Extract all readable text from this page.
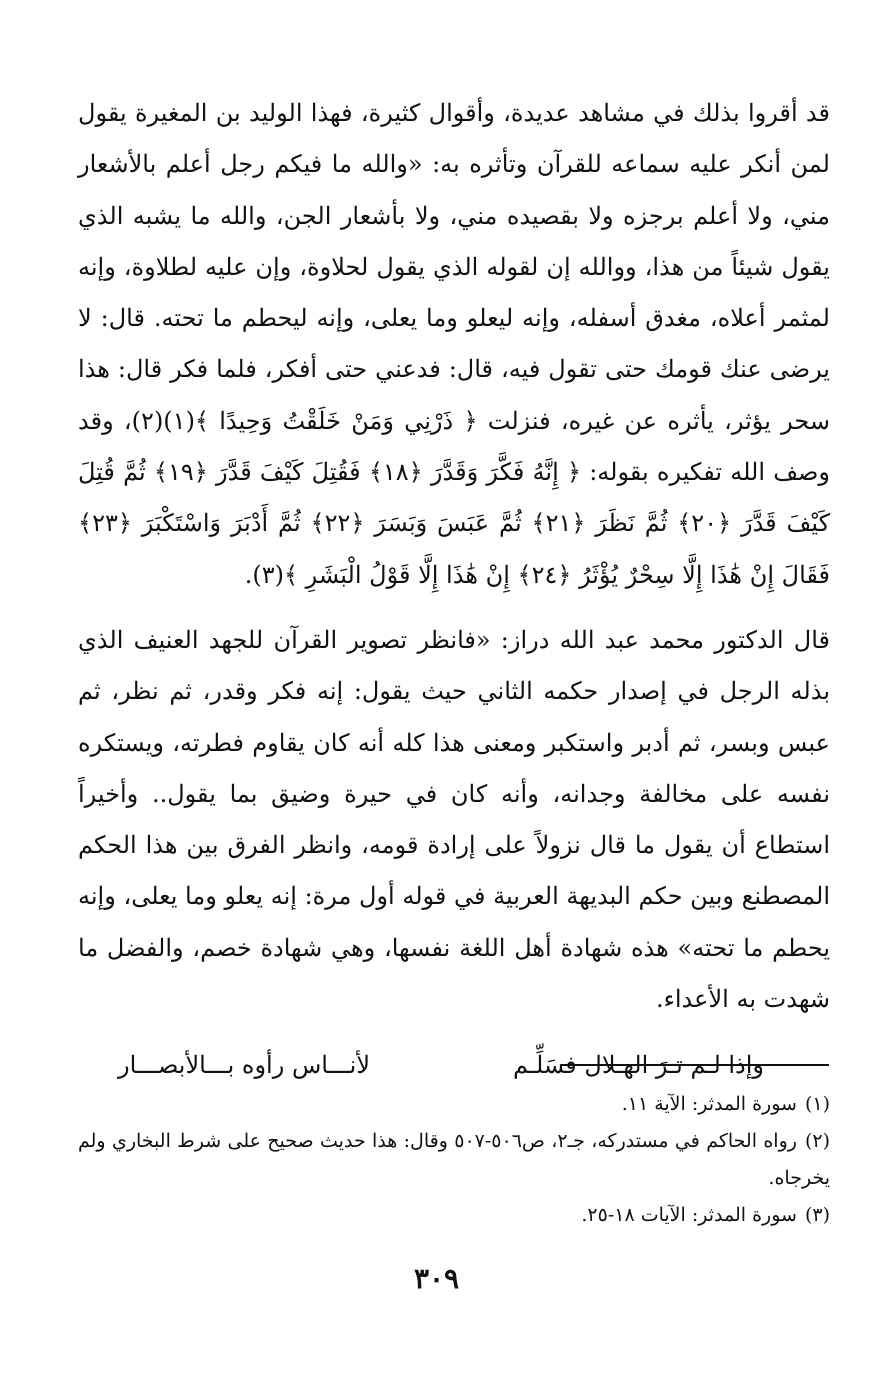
قد أقروا بذلك في مشاهد عديدة، وأقوال كثيرة، فهذا الوليد بن المغيرة يقول لمن أنكر عليه سماعه للقرآن وتأثره به: «والله ما فيكم رجل أعلم بالأشعار مني، ولا أعلم برجزه ولا بقصيده مني، ولا بأشعار الجن، والله ما يشبه الذي يقول شيئاً من هذا، ووالله إن لقوله الذي يقول لحلاوة، وإن عليه لطلاوة، وإنه لمثمر أعلاه، مغدق أسفله، وإنه ليعلو وما يعلى، وإنه ليحطم ما تحته. قال: لا يرضى عنك قومك حتى تقول فيه، قال: فدعني حتى أفكر، فلما فكر قال: هذا سحر يؤثر، يأثره عن غيره، فنزلت ﴿ ذَرْنِي وَمَنْ خَلَقْتُ وَحِيدًا ﴾(١)(٢)، وقد وصف الله تفكيره بقوله: ﴿ إِنَّهُ فَكَّرَ وَقَدَّرَ ﴿١٨﴾ فَقُتِلَ كَيْفَ قَدَّرَ ﴿١٩﴾ ثُمَّ قُتِلَ كَيْفَ قَدَّرَ ﴿٢٠﴾ ثُمَّ نَظَرَ ﴿٢١﴾ ثُمَّ عَبَسَ وَبَسَرَ ﴿٢٢﴾ ثُمَّ أَدْبَرَ وَاسْتَكْبَرَ ﴿٢٣﴾ فَقَالَ إِنْ هَٰذَا إِلَّا سِحْرٌ يُؤْثَرُ ﴿٢٤﴾ إِنْ هَٰذَا إِلَّا قَوْلُ الْبَشَرِ ﴾(٣).

قال الدكتور محمد عبد الله دراز: «فانظر تصوير القرآن للجهد العنيف الذي بذله الرجل في إصدار حكمه الثاني حيث يقول: إنه فكر وقدر، ثم نظر، ثم عبس وبسر، ثم أدبر واستكبر ومعنى هذا كله أنه كان يقاوم فطرته، ويستكره نفسه على مخالفة وجدانه، وأنه كان في حيرة وضيق بما يقول.. وأخيراً استطاع أن يقول ما قال نزولاً على إرادة قومه، وانظر الفرق بين هذا الحكم المصطنع وبين حكم البديهة العربية في قوله أول مرة: إنه يعلو وما يعلى، وإنه يحطم ما تحته» هذه شهادة أهل اللغة نفسها، وهي شهادة خصم، والفضل ما شهدت به الأعداء.

وإذا لـم تـرَ الهـلال فسَلِّـم
لأنـــاس رأوه بـــالأبصـــار

(١)سورة المدثر: الآية ١١.

(٢)رواه الحاكم في مستدركه، جـ٢، ص٥٠٦-٥٠٧ وقال: هذا حديث صحيح على شرط البخاري ولم يخرجاه.

(٣)سورة المدثر: الآيات ١٨-٢٥.

٣٠٩
